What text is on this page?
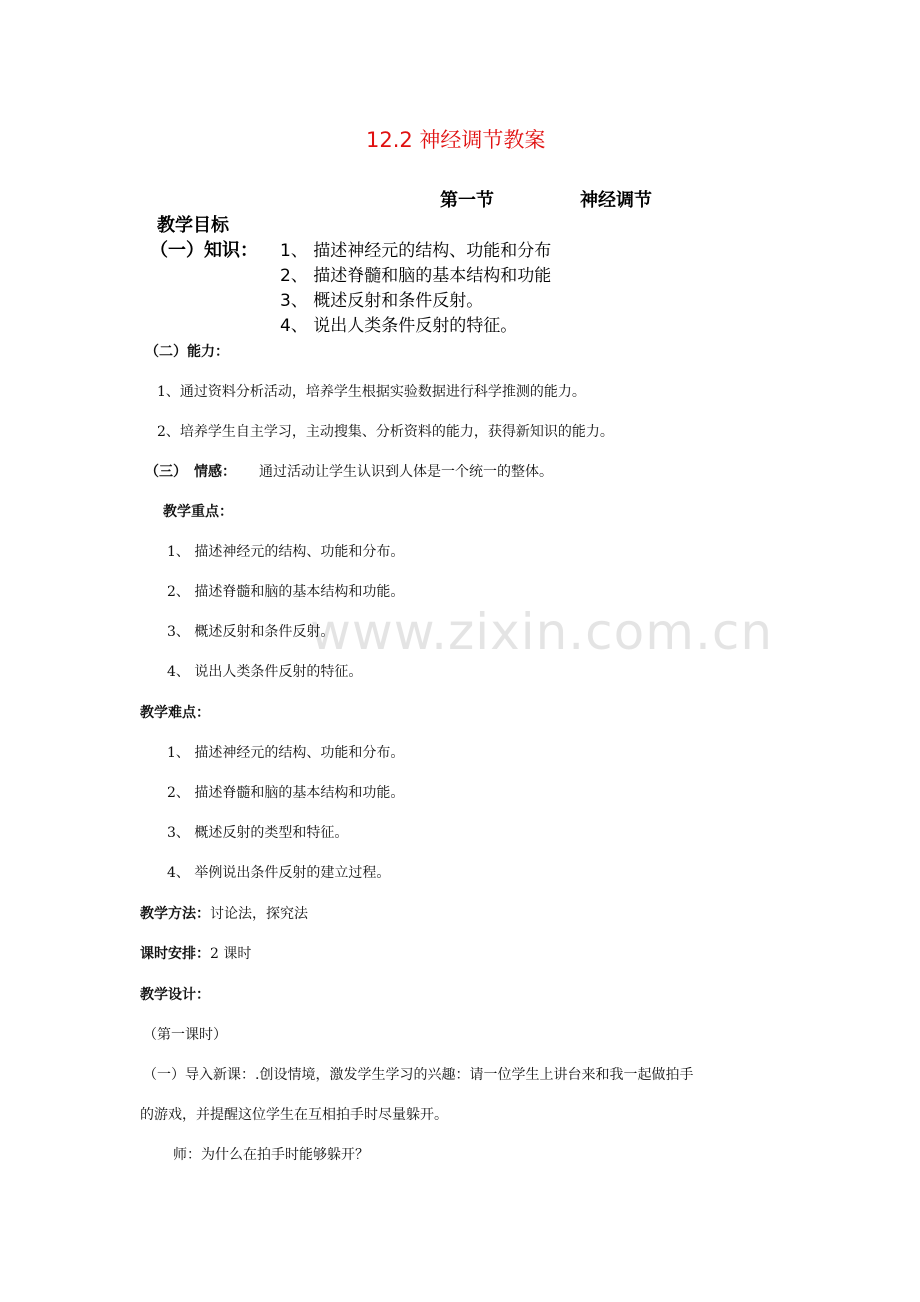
12.2 神经调节教案
第一节	神经调节
教学目标
（一）知识： 1、 描述神经元的结构、功能和分布
2、 描述脊髓和脑的基本结构和功能
3、 概述反射和条件反射。
4、 说出人类条件反射的特征。
（二）能力：
1、通过资料分析活动，培养学生根据实验数据进行科学推测的能力。
2、培养学生自主学习，主动搜集、分析资料的能力，获得新知识的能力。
（三）　情感： 通过活动让学生认识到人体是一个统一的整体。
教学重点：
1、 描述神经元的结构、功能和分布。
2、 描述脊髓和脑的基本结构和功能。
3、 概述反射和条件反射。
4、 说出人类条件反射的特征。
教学难点：
1、 描述神经元的结构、功能和分布。
2、 描述脊髓和脑的基本结构和功能。
3、 概述反射的类型和特征。
4、 举例说出条件反射的建立过程。
教学方法：讨论法，探究法
课时安排：2 课时
教学设计：
（第一课时）
（一）导入新课：.创设情境，激发学生学习的兴趣：请一位学生上讲台来和我一起做拍手
的游戏，并提醒这位学生在互相拍手时尽量躲开。
师：为什么在拍手时能够躲开？
www.zixin.com.cn
